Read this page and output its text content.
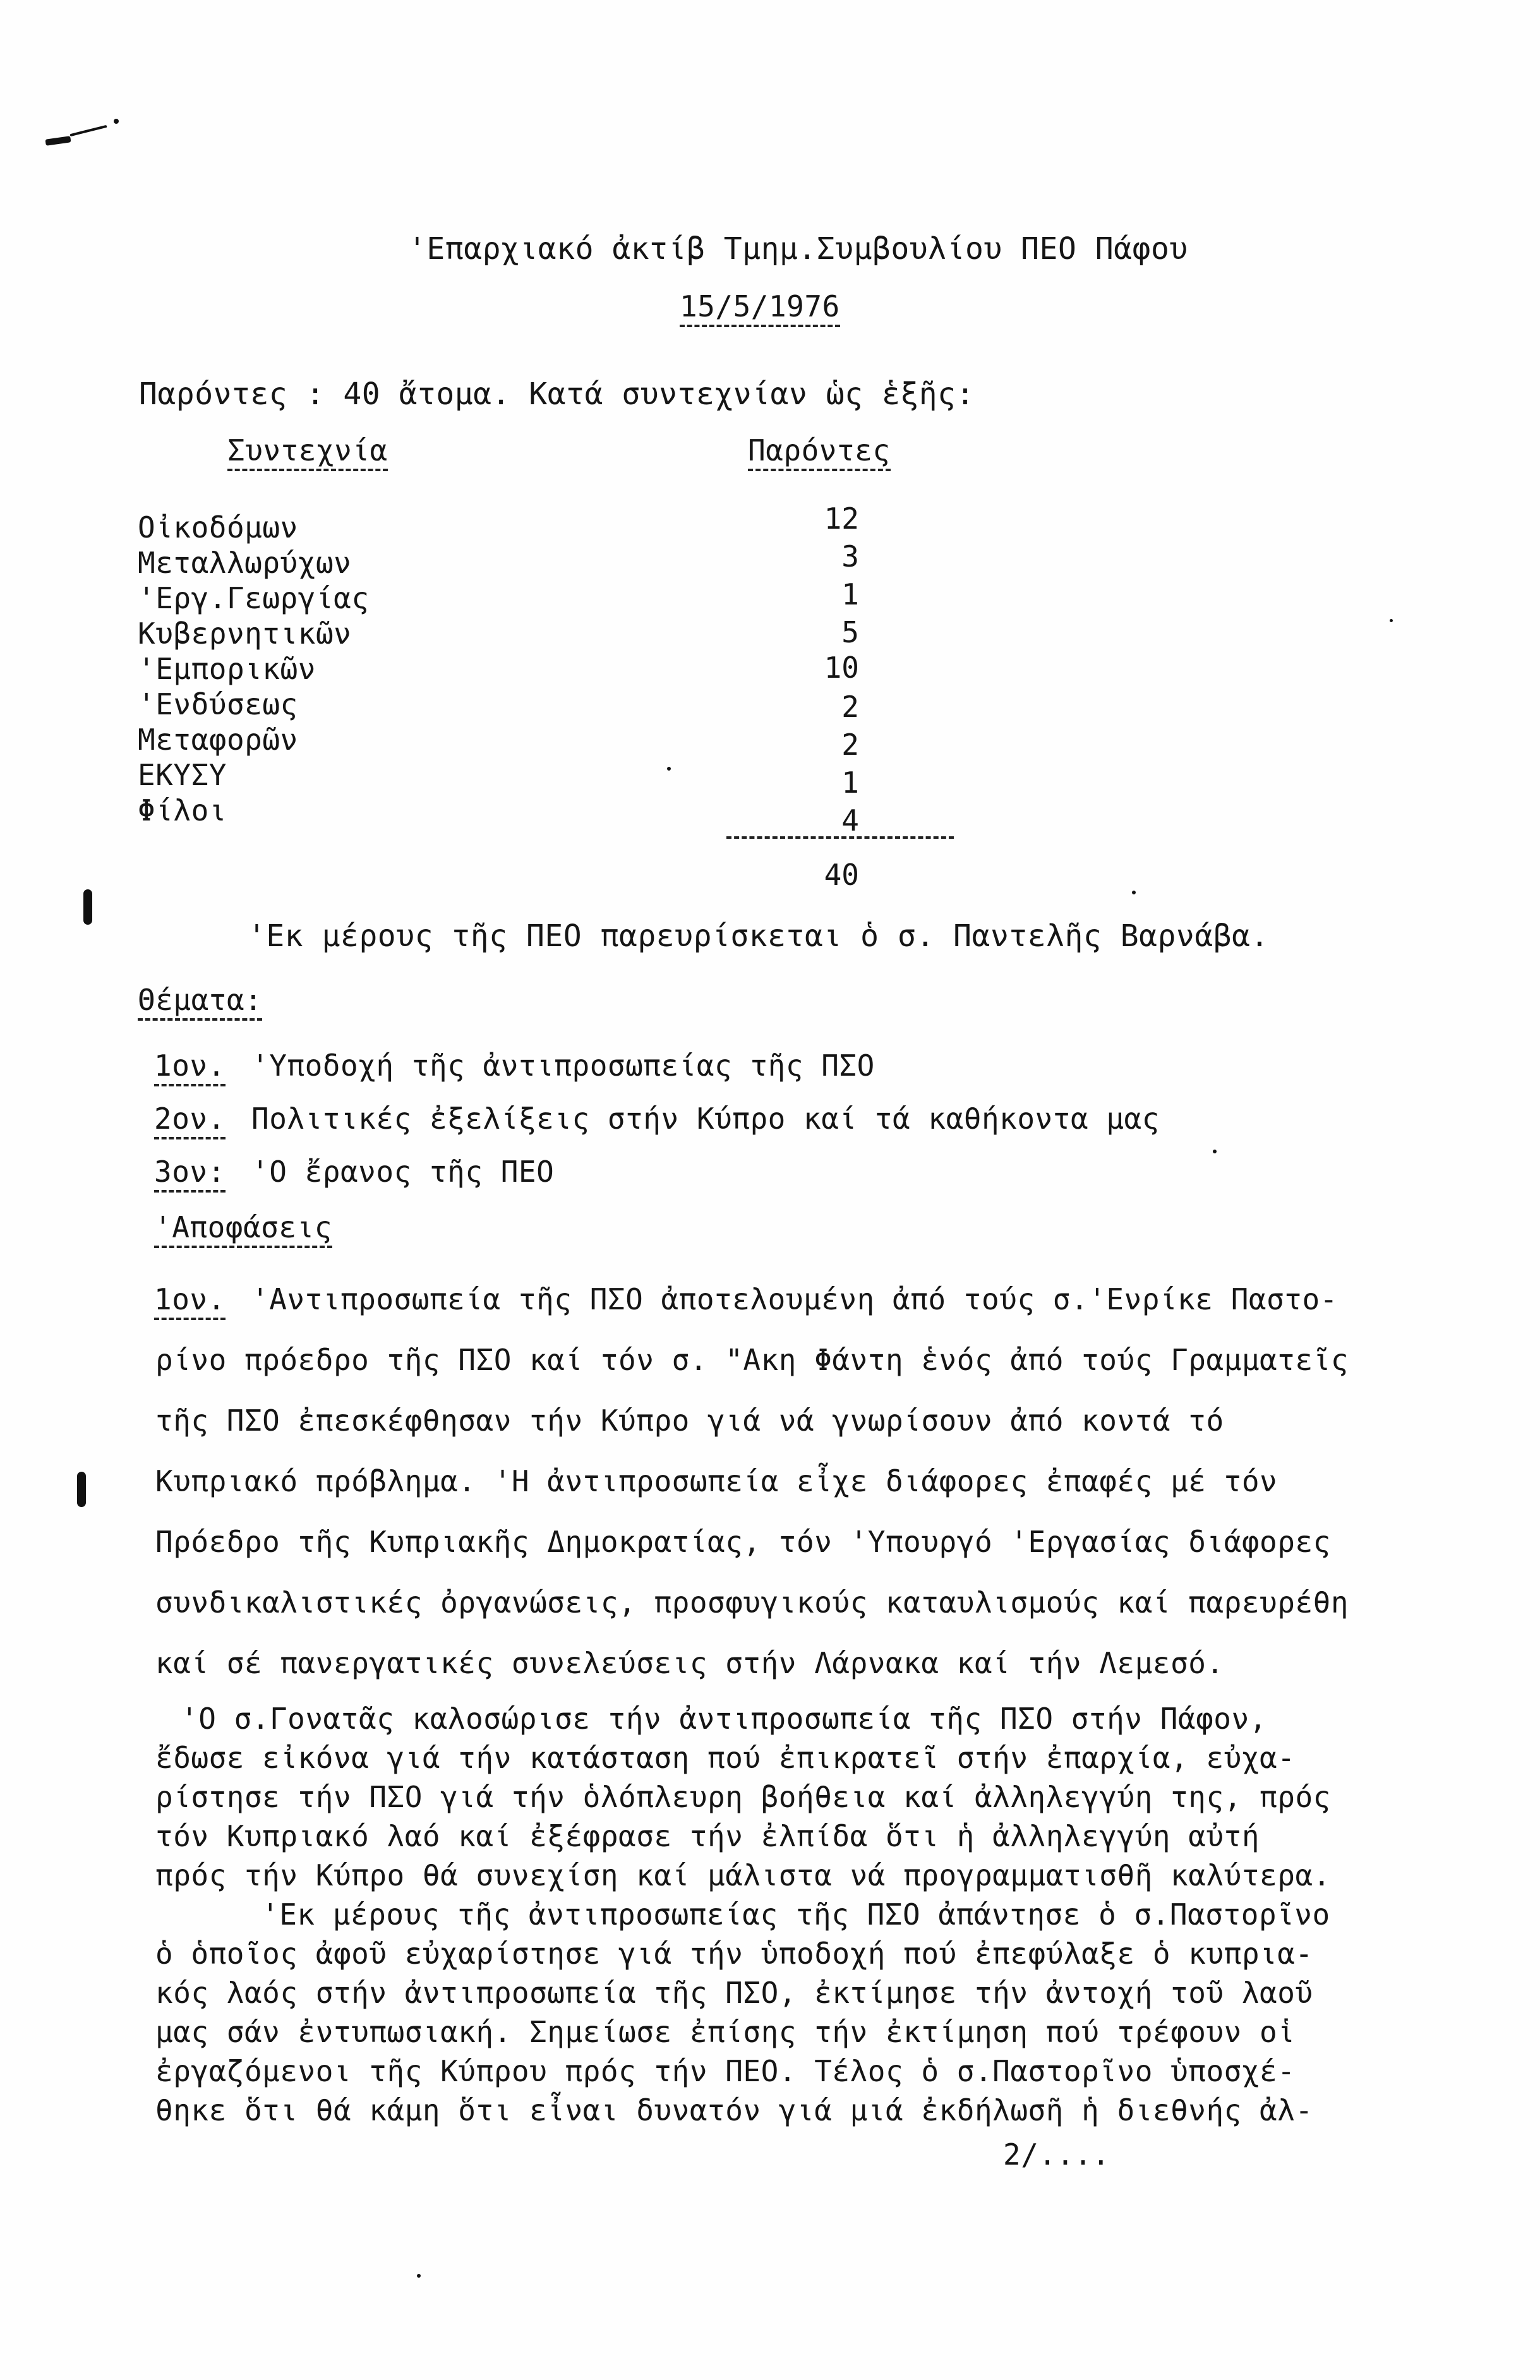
'Επαρχιακό ἀκτίβ Τμημ.Συμβουλίου ΠΕΟ Πάφου
15/5/1976
Παρόντες : 40 ἄτομα. Κατά συντεχνίαν ὡς ἑξῆς:
Συντεχνία	Παρόντες
Οἰκοδόμων	12
Μεταλλωρύχων	3
'Εργ.Γεωργίας	1
Κυβερνητικῶν	5
'Εμπορικῶν	10
'Ενδύσεως	2
Μεταφορῶν	2
ΕΚΥΣΥ	1
Φίλοι	4
40
'Εκ μέρους τῆς ΠΕΟ παρευρίσκεται ὁ σ. Παντελῆς Βαρνάβα.
Θέματα:
1ον. 'Υποδοχή τῆς ἀντιπροσωπείας τῆς ΠΣΟ
2ον. Πολιτικές ἐξελίξεις στήν Κύπρο καί τά καθήκοντα μας
3ον: 'Ο ἔρανος τῆς ΠΕΟ
'Αποφάσεις
1ον. 'Αντιπροσωπεία τῆς ΠΣΟ ἀποτελουμένη ἀπό τούς σ.'Ενρίκε Παστο-
ρίνο πρόεδρο τῆς ΠΣΟ καί τόν σ. "Ακη Φάντη ἑνός ἀπό τούς Γραμματεῖς
τῆς ΠΣΟ ἐπεσκέφθησαν τήν Κύπρο γιά νά γνωρίσουν ἀπό κοντά τό
Κυπριακό πρόβλημα. 'Η ἀντιπροσωπεία εἶχε διάφορες ἐπαφές μέ τόν
Πρόεδρο τῆς Κυπριακῆς Δημοκρατίας, τόν 'Υπουργό 'Εργασίας διάφορες
συνδικαλιστικές ὀργανώσεις, προσφυγικούς καταυλισμούς καί παρευρέθη
καί σέ πανεργατικές συνελεύσεις στήν Λάρνακα καί τήν Λεμεσό.
'Ο σ.Γονατᾶς καλοσώρισε τήν ἀντιπροσωπεία τῆς ΠΣΟ στήν Πάφον,
ἔδωσε εἰκόνα γιά τήν κατάσταση πού ἐπικρατεῖ στήν ἐπαρχία, εὐχα-
ρίστησε τήν ΠΣΟ γιά τήν ὁλόπλευρη βοήθεια καί ἀλληλεγγύη της, πρός
τόν Κυπριακό λαό καί ἐξέφρασε τήν ἐλπίδα ὅτι ἡ ἀλληλεγγύη αὐτή
πρός τήν Κύπρο θά συνεχίση καί μάλιστα νά προγραμματισθῆ καλύτερα.
'Εκ μέρους τῆς ἀντιπροσωπείας τῆς ΠΣΟ ἀπάντησε ὁ σ.Παστορῖνο
ὁ ὁποῖος ἀφοῦ εὐχαρίστησε γιά τήν ὑποδοχή πού ἐπεφύλαξε ὁ κυπρια-
κός λαός στήν ἀντιπροσωπεία τῆς ΠΣΟ, ἐκτίμησε τήν ἀντοχή τοῦ λαοῦ
μας σάν ἐντυπωσιακή. Σημείωσε ἐπίσης τήν ἐκτίμηση πού τρέφουν οἱ
ἐργαζόμενοι τῆς Κύπρου πρός τήν ΠΕΟ. Τέλος ὁ σ.Παστορῖνο ὑποσχέ-
θηκε ὅτι θά κάμη ὅτι εἶναι δυνατόν γιά μιά ἐκδήλωσῆ ἡ διεθνής ἀλ-
2/....
